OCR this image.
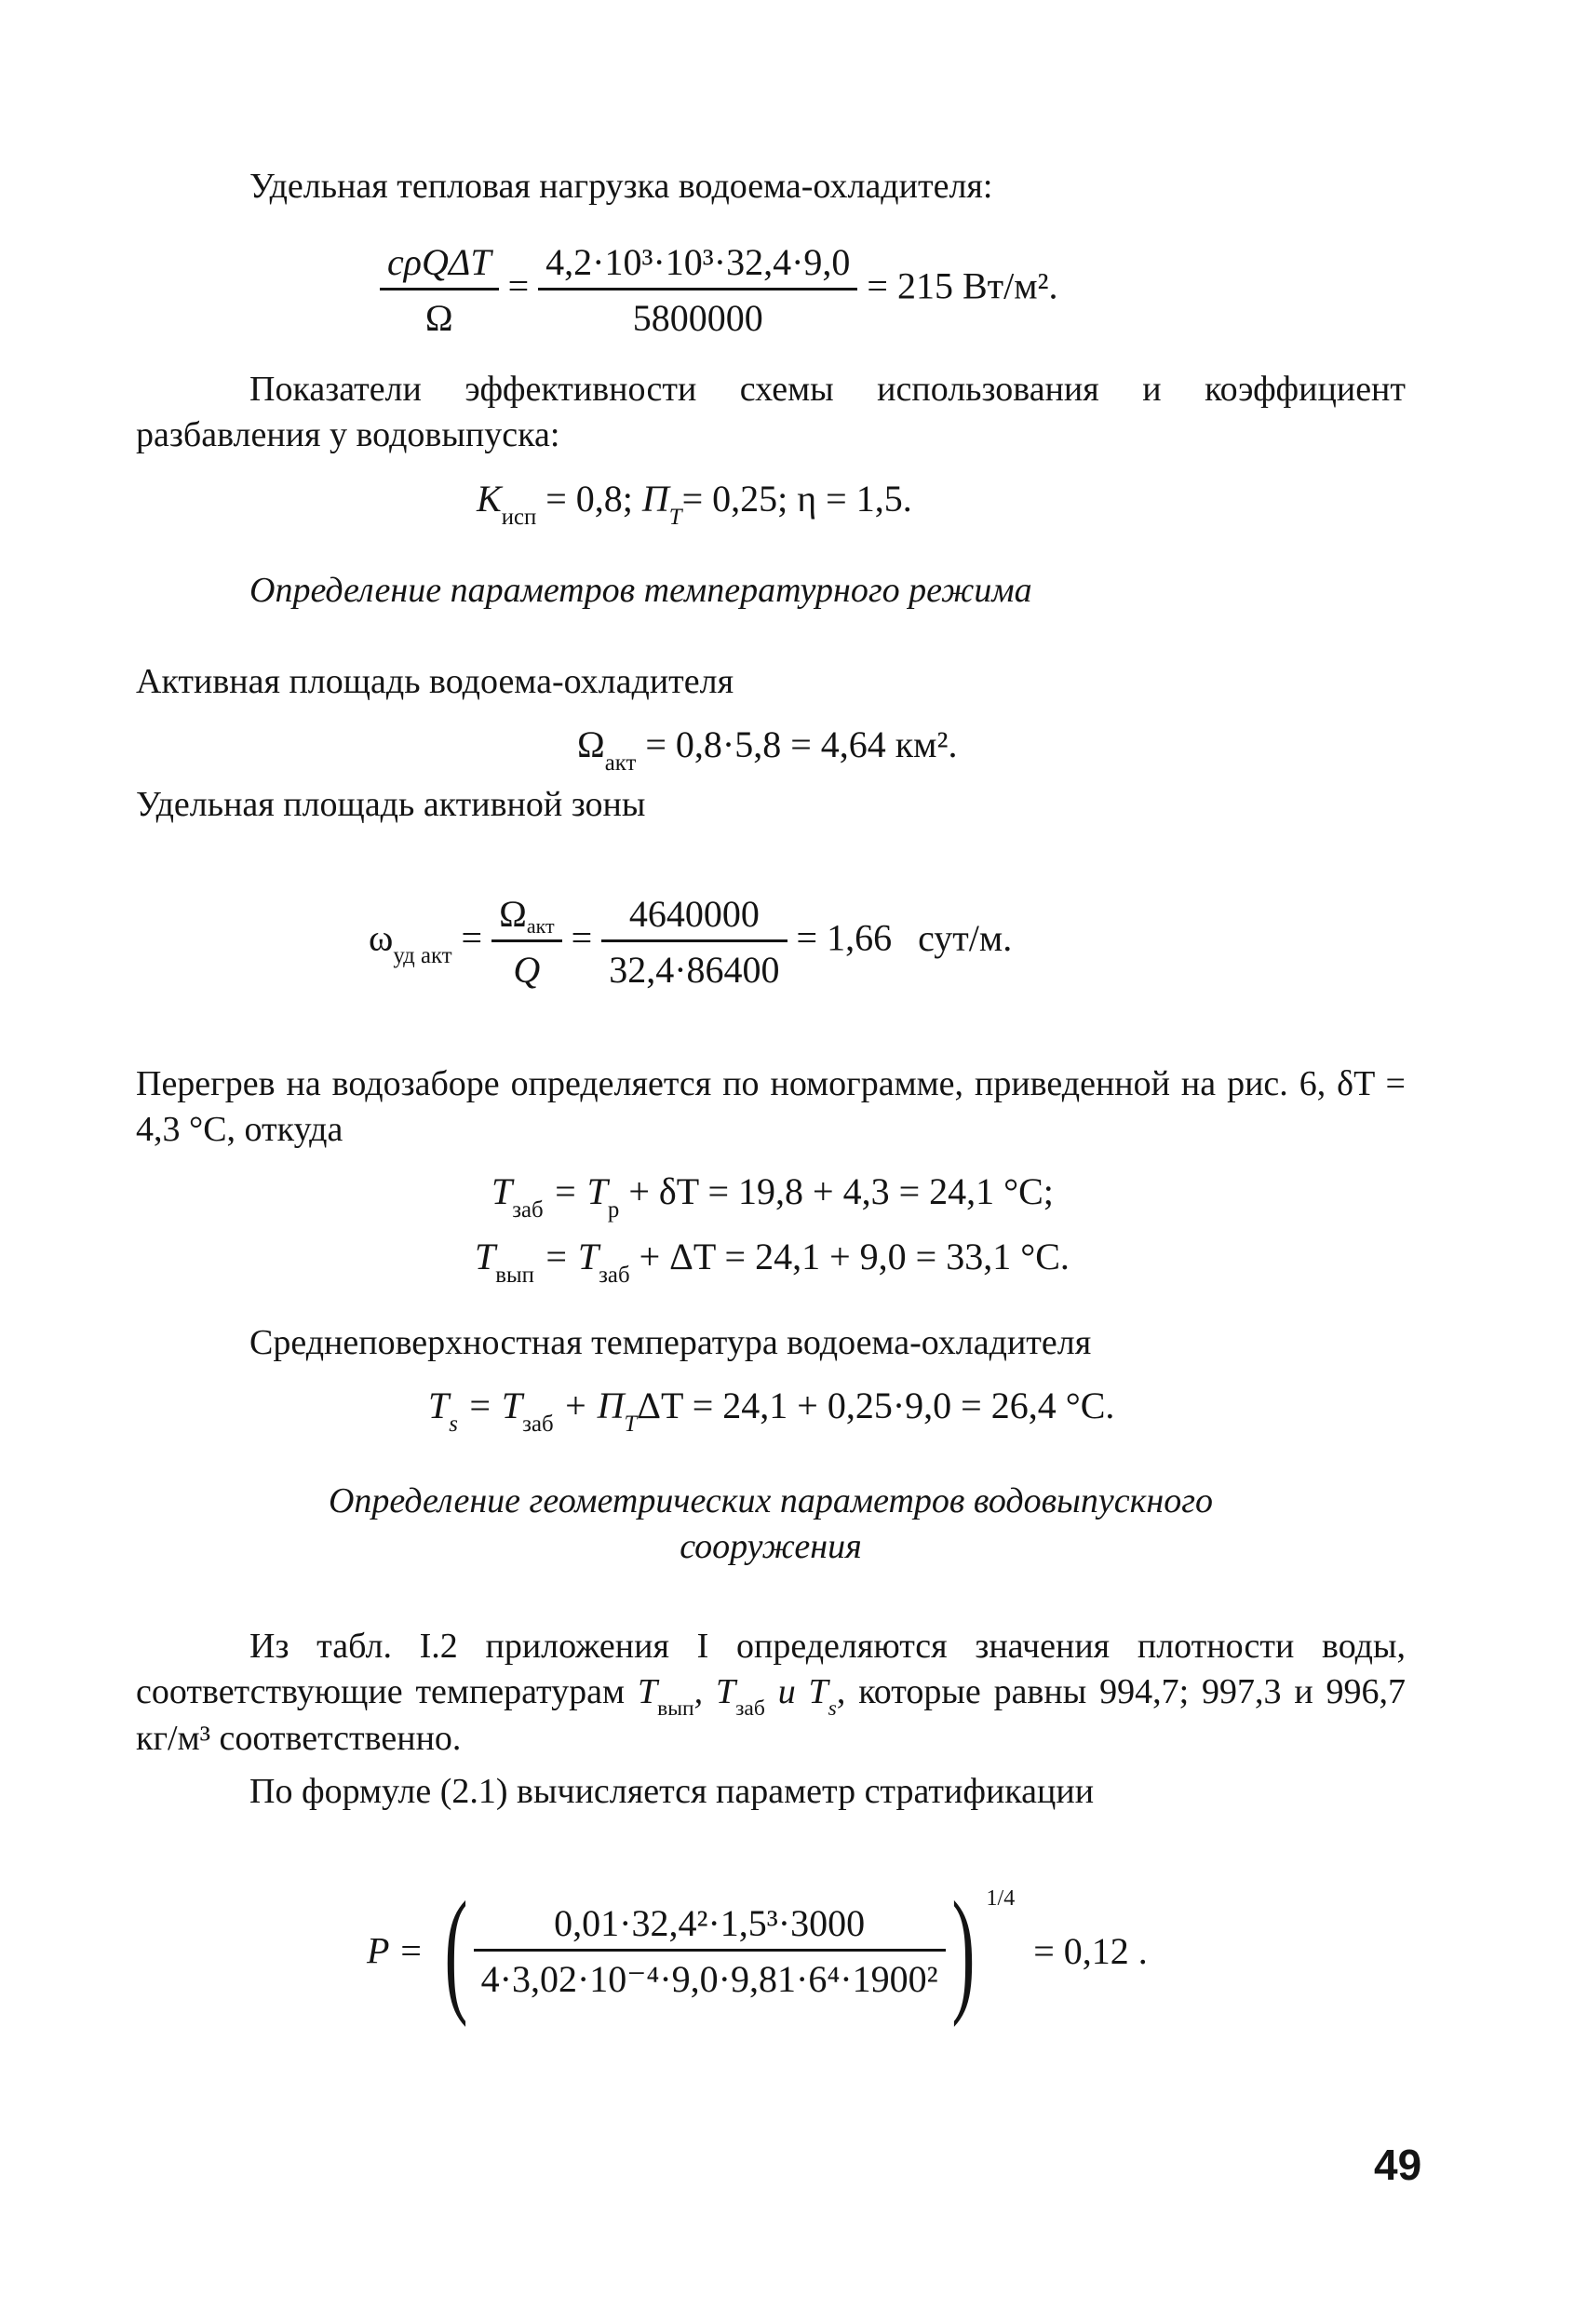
Удельная тепловая нагрузка водоема-охладителя:
$\frac{\text{cρQΔT}}{\Omega} = \frac{\text{4,2·10³·10³·32,4·9,0}}{5800000} = 215$ Вт/м².
Показатели эффективности схемы использования и коэффициент разбавления у водовыпуска:
$K_{исп} = 0,8$; $П_T= 0,25$; η = 1,5.
Определение параметров температурного режима
Активная площадь водоема-охладителя
$\Omega_{акт} = 0,8\cdot 5,8 = 4,64$ км².
Удельная площадь активной зоны
$\omega_{уд акт} = \frac{\text{Ωакт}}{Q} = \frac{4640000}{32,4\cdot 86400} = 1,66$ сут/м.
Перегрев на водозаборе определяется по номограмме, приведенной на рис. 6, δT = 4,3 °C, откуда
$T_{заб} = T_р + \delta T = 19,8 + 4,3 = 24,1$ °C;
$T_{вып} = T_{заб} + \Delta T = 24,1 + 9,0 = 33,1$ °C.
Среднеповерхностная температура водоема-охладителя
$T_s = T_{заб} + П_T\Delta T = 24,1 + 0,25\cdot 9,0 = 26,4$ °C.
Определение геометрических параметров водовыпускного
сооружения
Из табл. I.2 приложения I определяются значения плотности воды, соответствующие температурам $T_{вып}$, $T_{заб}$ и $T_s$, которые равны 994,7; 997,3 и 996,7 кг/м³ соответственно.
По формуле (2.1) вычисляется параметр стратификации
P = ( $\frac{\text{0,01·32,4²·1,5³·3000}}{\text{4·3,02·10⁻⁴·9,0·9,81·6⁴·1900²}}$ ) $^{1/4}$ = 0,12 .
49
